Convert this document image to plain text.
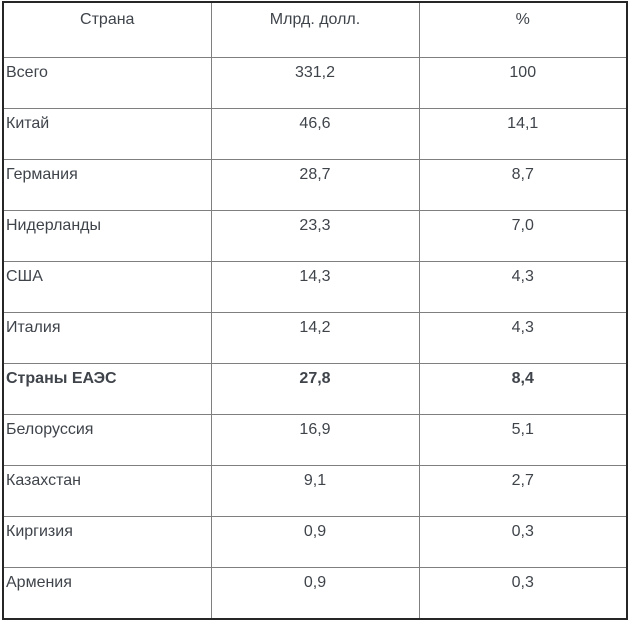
Страна	Млрд. долл.	%
Всего	331,2	100
Китай	46,6	14,1
Германия	28,7	8,7
Нидерланды	23,3	7,0
США	14,3	4,3
Италия	14,2	4,3
Страны ЕАЭС	27,8	8,4
Белоруссия	16,9	5,1
Казахстан	9,1	2,7
Киргизия	0,9	0,3
Армения	0,9	0,3
